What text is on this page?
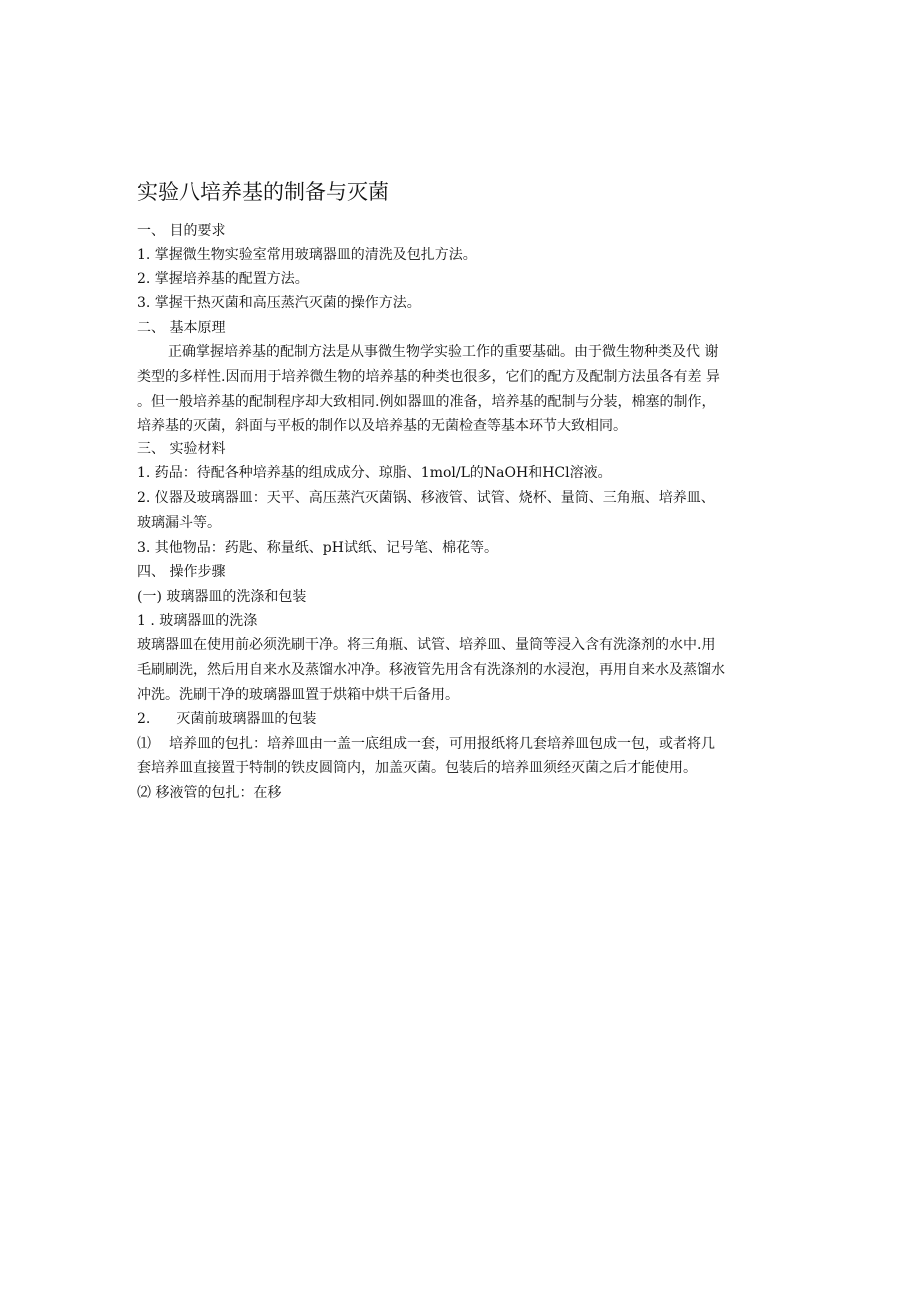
实验八培养基的制备与灭菌
一、 目的要求
1. 掌握微生物实验室常用玻璃器皿的清洗及包扎方法。
2. 掌握培养基的配置方法。
3. 掌握干热灭菌和高压蒸汽灭菌的操作方法。
二、 基本原理
正确掌握培养基的配制方法是从事微生物学实验工作的重要基础。由于微生物种类及代 谢
类型的多样性.因而用于培养微生物的培养基的种类也很多，它们的配方及配制方法虽各有差 异
。但一般培养基的配制程序却大致相同.例如器皿的准备，培养基的配制与分装，棉塞的制作，
培养基的灭菌，斜面与平板的制作以及培养基的无菌检查等基本环节大致相同。
三、 实验材料
1. 药品：待配各种培养基的组成成分、琼脂、1mol/L的NaOH和HCl溶液。
2. 仪器及玻璃器皿：天平、高压蒸汽灭菌锅、移液管、试管、烧杯、量筒、三角瓶、培养皿、
玻璃漏斗等。
3. 其他物品：药匙、称量纸、pH试纸、记号笔、棉花等。
四、 操作步骤
(一) 玻璃器皿的洗涤和包装
1 . 玻璃器皿的洗涤
玻璃器皿在使用前必须洗刷干净。将三角瓶、试管、培养皿、量筒等浸入含有洗涤剂的水中.用
毛刷刷洗，然后用自来水及蒸馏水冲净。移液管先用含有洗涤剂的水浸泡，再用自来水及蒸馏水
冲洗。洗刷干净的玻璃器皿置于烘箱中烘干后备用。
2. 灭菌前玻璃器皿的包装
⑴ 培养皿的包扎：培养皿由一盖一底组成一套，可用报纸将几套培养皿包成一包，或者将几
套培养皿直接置于特制的铁皮圆筒内，加盖灭菌。包装后的培养皿须经灭菌之后才能使用。
⑵ 移液管的包扎：在移
